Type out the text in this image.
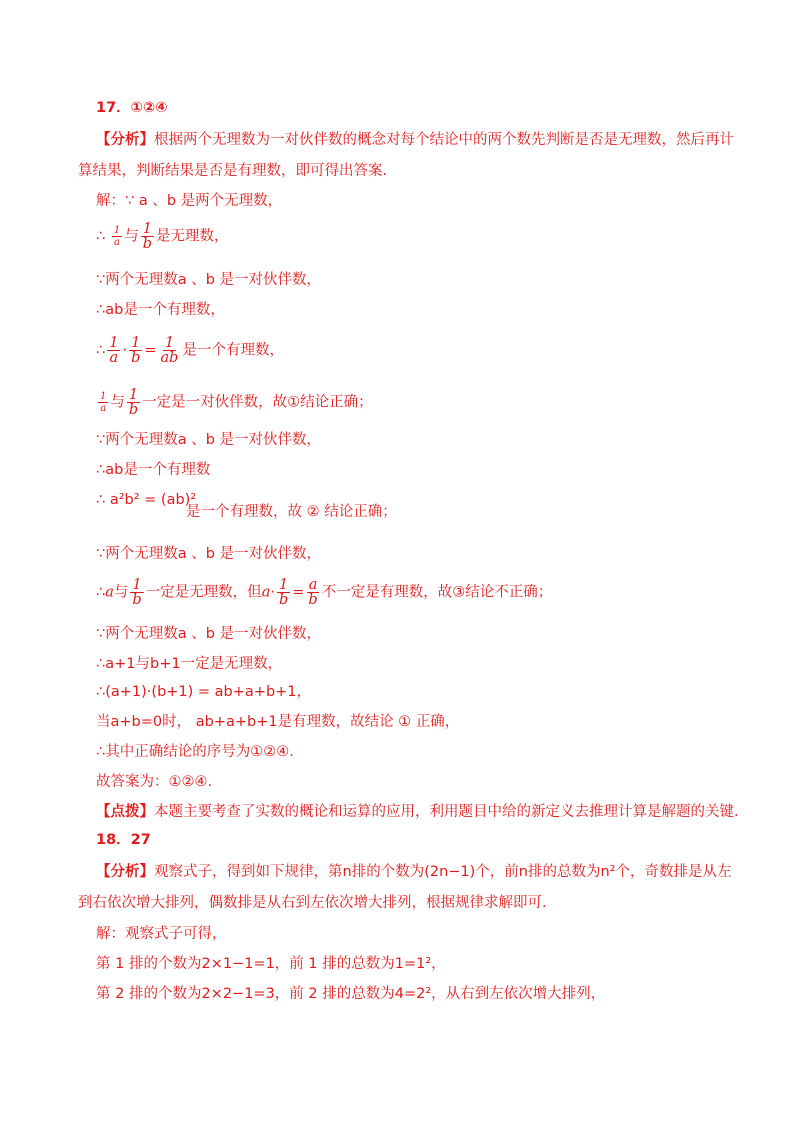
17．①②④
【分析】根据两个无理数为一对伙伴数的概念对每个结论中的两个数先判断是否是无理数，然后再计
算结果，判断结果是否是有理数，即可得出答案.
解：∵ a 、b 是两个无理数，
∴ $\frac{1}{a}$ 与 $\frac{1}{b}$ 是无理数，
∵两个无理数a 、b 是一对伙伴数，
∴ab是一个有理数，
∴ $\frac{1}{a} \cdot \frac{1}{b} = \frac{1}{ab}$ 是一个有理数，
$\frac{1}{a}$ 与 $\frac{1}{b}$ 一定是一对伙伴数，故①结论正确；
∵两个无理数a 、b 是一对伙伴数，
∴ab是一个有理数
∴ a²b² = (ab)²
是一个有理数，故 ② 结论正确；
∵两个无理数a 、b 是一对伙伴数，
∴a与 $\frac{1}{b}$ 一定是无理数，但$a\cdot \frac{1}{b} = \frac{a}{b}$ 不一定是有理数，故③结论不正确；
∵两个无理数a 、b 是一对伙伴数，
∴a+1与b+1一定是无理数，
∴(a+1)·(b+1) = ab+a+b+1，
当a+b=0时， ab+a+b+1是有理数，故结论 ① 正确，
∴其中正确结论的序号为①②④.
故答案为：①②④.
【点拨】本题主要考查了实数的概论和运算的应用，利用题目中给的新定义去推理计算是解题的关键.
18．27
【分析】观察式子，得到如下规律，第n排的个数为(2n−1)个，前n排的总数为n²个，奇数排是从左
到右依次增大排列，偶数排是从右到左依次增大排列，根据规律求解即可.
解：观察式子可得，
第 1 排的个数为2×1−1=1，前 1 排的总数为1=1²，
第 2 排的个数为2×2−1=3，前 2 排的总数为4=2²，从右到左依次增大排列，
